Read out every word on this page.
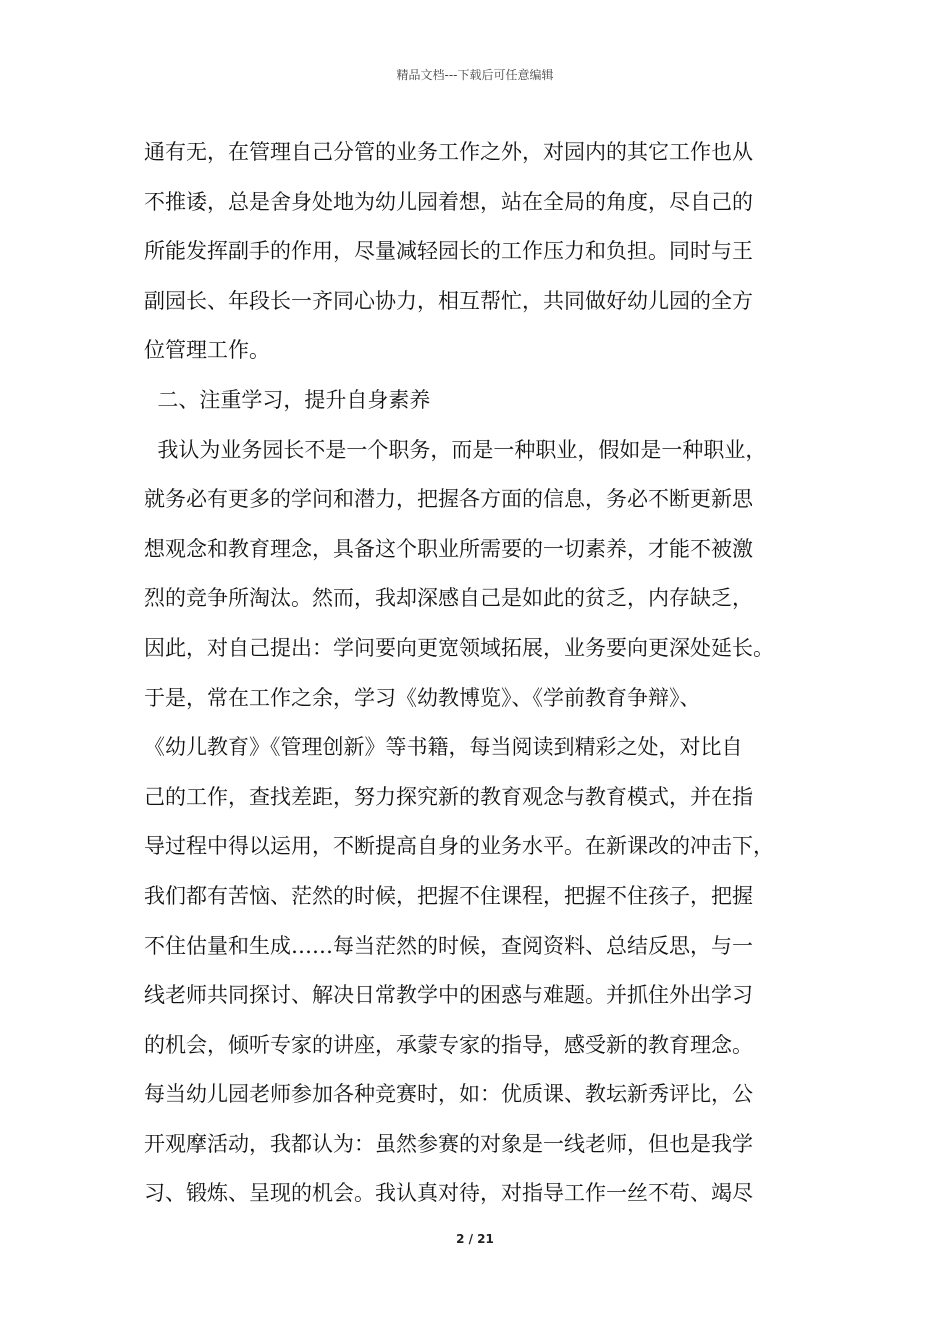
精品文档---下载后可任意编辑
通有无，在管理自己分管的业务工作之外，对园内的其它工作也从
不推诿，总是舍身处地为幼儿园着想，站在全局的角度，尽自己的
所能发挥副手的作用，尽量减轻园长的工作压力和负担。同时与王
副园长、年段长一齐同心协力，相互帮忙，共同做好幼儿园的全方
位管理工作。
二、注重学习，提升自身素养
我认为业务园长不是一个职务，而是一种职业，假如是一种职业，
就务必有更多的学问和潜力，把握各方面的信息，务必不断更新思
想观念和教育理念，具备这个职业所需要的一切素养，才能不被激
烈的竞争所淘汰。然而，我却深感自己是如此的贫乏，内存缺乏，
因此，对自己提出：学问要向更宽领域拓展，业务要向更深处延长。
于是，常在工作之余，学习《幼教博览》、《学前教育争辩》、
《幼儿教育》《管理创新》等书籍，每当阅读到精彩之处，对比自
己的工作，查找差距，努力探究新的教育观念与教育模式，并在指
导过程中得以运用，不断提高自身的业务水平。在新课改的冲击下，
我们都有苦恼、茫然的时候，把握不住课程，把握不住孩子，把握
不住估量和生成……每当茫然的时候，查阅资料、总结反思，与一
线老师共同探讨、解决日常教学中的困惑与难题。并抓住外出学习
的机会，倾听专家的讲座，承蒙专家的指导，感受新的教育理念。
每当幼儿园老师参加各种竞赛时，如：优质课、教坛新秀评比，公
开观摩活动，我都认为：虽然参赛的对象是一线老师，但也是我学
习、锻炼、呈现的机会。我认真对待，对指导工作一丝不苟、竭尽
2 / 21
